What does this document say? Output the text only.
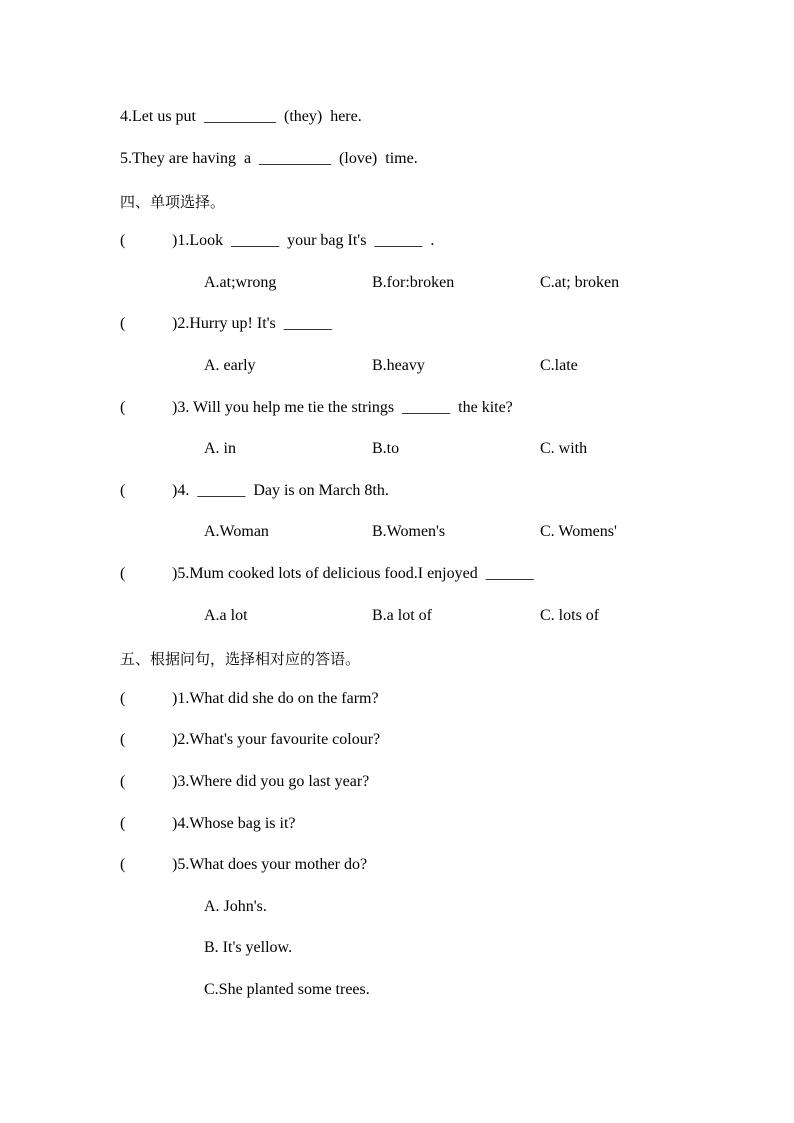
4.Let us put  _________  (they)  here.
5.They are having  a  _________  (love)  time.
四、单项选择。
(	)1.Look  ______  your bag It's  ______  .
A.at;wrong	B.for:broken	C.at; broken
(	)2.Hurry up! It's  ______
A. early	B.heavy	C.late
(	)3. Will you help me tie the strings  ______  the kite?
A. in	B.to	C. with
(	)4.  ______  Day is on March 8th.
A.Woman	B.Women's	C. Womens'
(	)5.Mum cooked lots of delicious food.I enjoyed  ______
A.a lot	B.a lot of	C. lots of
五、根据问句，选择相对应的答语。
(	)1.What did she do on the farm?
(	)2.What's your favourite colour?
(	)3.Where did you go last year?
(	)4.Whose bag is it?
(	)5.What does your mother do?
A. John's.
B. It's yellow.
C.She planted some trees.
